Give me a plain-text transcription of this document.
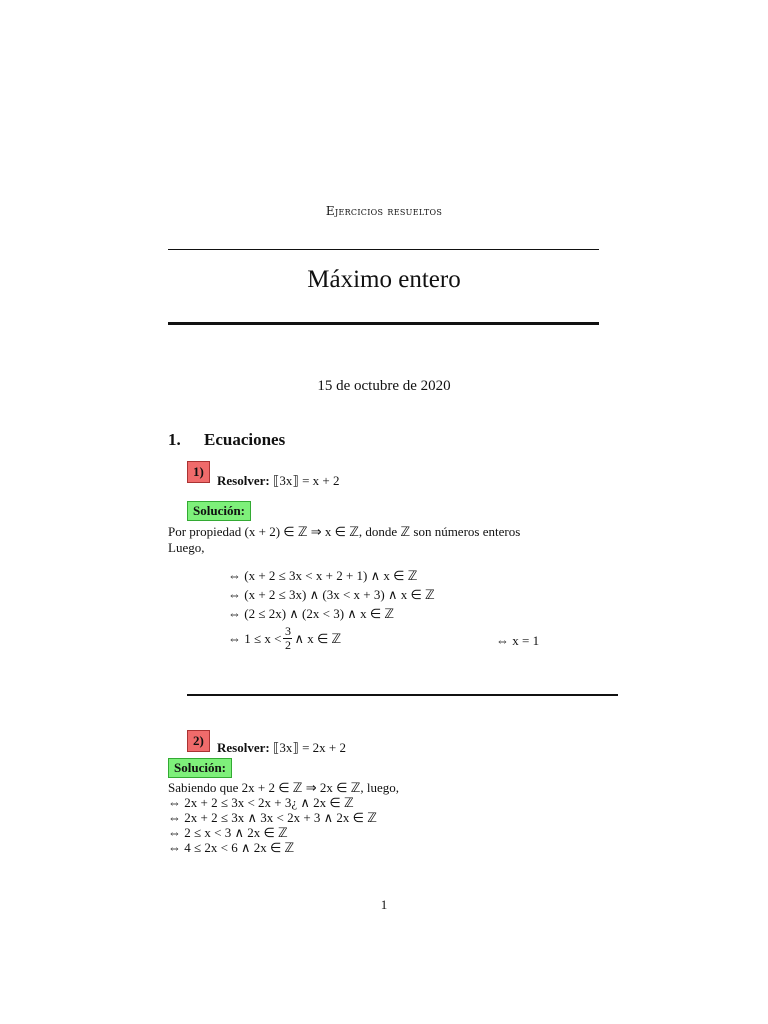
Ejercicios resueltos
Máximo entero
15 de octubre de 2020
1. Ecuaciones
1)
Resolver: ⟦3x⟧ = x + 2
Solución:
Por propiedad (x + 2) ∈ ℤ ⇒ x ∈ ℤ, donde ℤ son números enteros
Luego,
⇔ (x + 2 ≤ 3x < x + 2 + 1) ∧ x ∈ ℤ
⇔ (x + 2 ≤ 3x) ∧ (3x < x + 3) ∧ x ∈ ℤ
⇔ (2 ≤ 2x) ∧ (2x < 3) ∧ x ∈ ℤ
⇔ $1 \le x < \frac{3}{2}$ ∧ x ∈ ℤ	⇔ x = 1
2)	Resolver: ⟦3x⟧ = 2x + 2
Solución:
Sabiendo que 2x + 2 ∈ ℤ ⇒ 2x ∈ ℤ, luego,
⇔ 2x + 2 ≤ 3x < 2x + 3¿ ∧ 2x ∈ ℤ
⇔ 2x + 2 ≤ 3x ∧ 3x < 2x + 3 ∧ 2x ∈ ℤ
⇔ 2 ≤ x < 3 ∧ 2x ∈ ℤ
⇔ 4 ≤ 2x < 6 ∧ 2x ∈ ℤ
1
